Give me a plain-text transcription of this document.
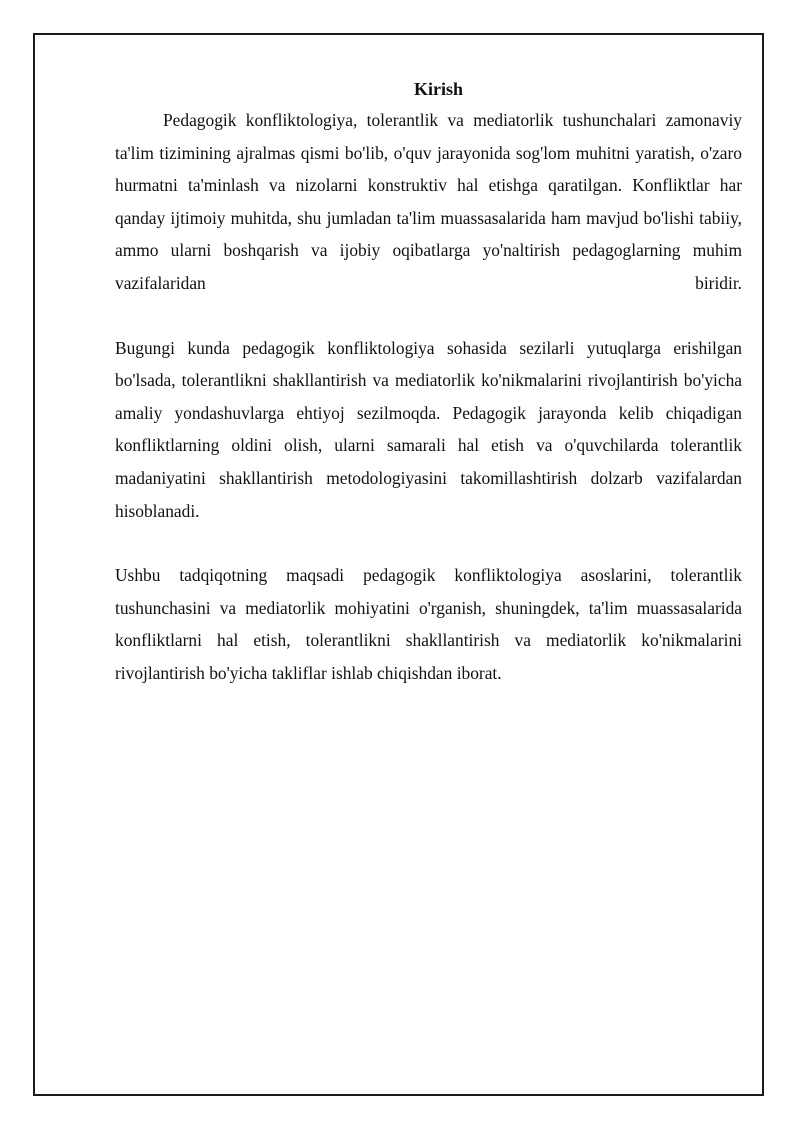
Kirish

Pedagogik konfliktologiya, tolerantlik va mediatorlik tushunchalari zamonaviy ta'lim tizimining ajralmas qismi bo'lib, o'quv jarayonida sog'lom muhitni yaratish, o'zaro hurmatni ta'minlash va nizolarni konstruktiv hal etishga qaratilgan. Konfliktlar har qanday ijtimoiy muhitda, shu jumladan ta'lim muassasalarida ham mavjud bo'lishi tabiiy, ammo ularni boshqarish va ijobiy oqibatlarga yo'naltirish pedagoglarning muhim vazifalaridan biridir.

Bugungi kunda pedagogik konfliktologiya sohasida sezilarli yutuqlarga erishilgan bo'lsada, tolerantlikni shakllantirish va mediatorlik ko'nikmalarini rivojlantirish bo'yicha amaliy yondashuvlarga ehtiyoj sezilmoqda. Pedagogik jarayonda kelib chiqadigan konfliktlarning oldini olish, ularni samarali hal etish va o'quvchilarda tolerantlik madaniyatini shakllantirish metodologiyasini takomillashtirish dolzarb vazifalardan hisoblanadi.

Ushbu tadqiqotning maqsadi pedagogik konfliktologiya asoslarini, tolerantlik tushunchasini va mediatorlik mohiyatini o'rganish, shuningdek, ta'lim muassasalarida konfliktlarni hal etish, tolerantlikni shakllantirish va mediatorlik ko'nikmalarini rivojlantirish bo'yicha takliflar ishlab chiqishdan iborat.
